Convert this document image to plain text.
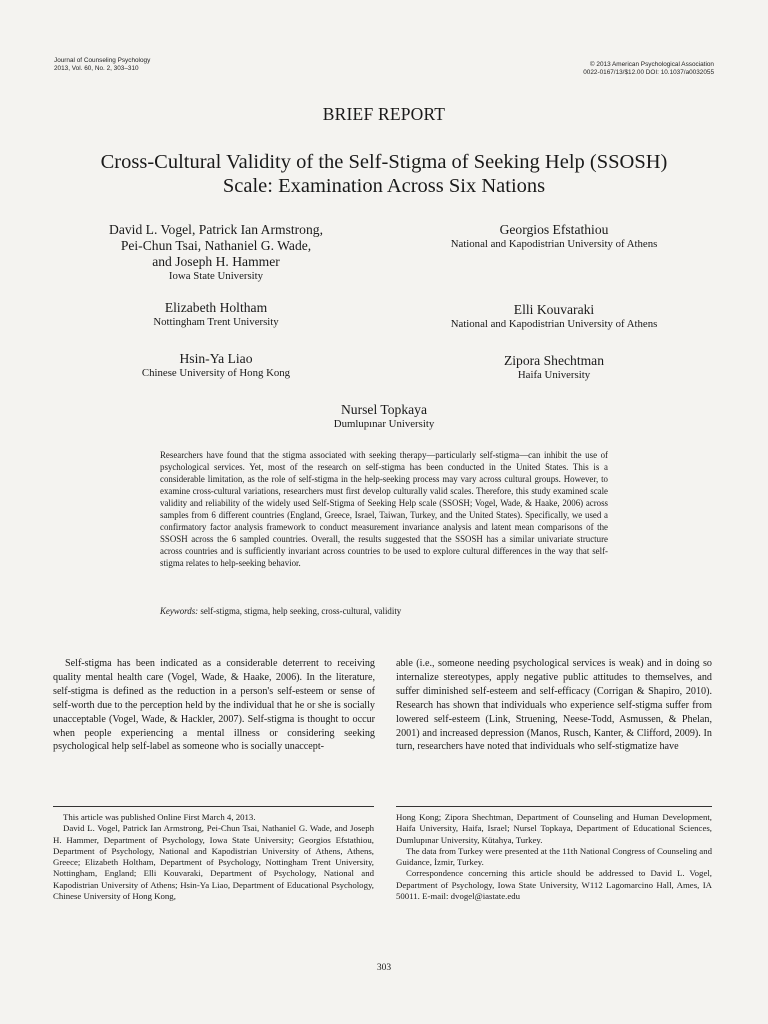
Journal of Counseling Psychology
2013, Vol. 60, No. 2, 303–310
© 2013 American Psychological Association
0022-0167/13/$12.00 DOI: 10.1037/a0032055
BRIEF REPORT
Cross-Cultural Validity of the Self-Stigma of Seeking Help (SSOSH)
Scale: Examination Across Six Nations
David L. Vogel, Patrick Ian Armstrong,
Pei-Chun Tsai, Nathaniel G. Wade,
and Joseph H. Hammer
Iowa State University
Georgios Efstathiou
National and Kapodistrian University of Athens
Elizabeth Holtham
Nottingham Trent University
Elli Kouvaraki
National and Kapodistrian University of Athens
Hsin-Ya Liao
Chinese University of Hong Kong
Zipora Shechtman
Haifa University
Nursel Topkaya
Dumlupınar University
Researchers have found that the stigma associated with seeking therapy—particularly self-stigma—can inhibit the use of psychological services. Yet, most of the research on self-stigma has been conducted in the United States. This is a considerable limitation, as the role of self-stigma in the help-seeking process may vary across cultural groups. However, to examine cross-cultural variations, researchers must first develop culturally valid scales. Therefore, this study examined scale validity and reliability of the widely used Self-Stigma of Seeking Help scale (SSOSH; Vogel, Wade, & Haake, 2006) across samples from 6 different countries (England, Greece, Israel, Taiwan, Turkey, and the United States). Specifically, we used a confirmatory factor analysis framework to conduct measurement invariance analysis and latent mean comparisons of the SSOSH across the 6 sampled countries. Overall, the results suggested that the SSOSH has a similar univariate structure across countries and is sufficiently invariant across countries to be used to explore cultural differences in the way that self-stigma relates to help-seeking behavior.
Keywords: self-stigma, stigma, help seeking, cross-cultural, validity
Self-stigma has been indicated as a considerable deterrent to receiving quality mental health care (Vogel, Wade, & Haake, 2006). In the literature, self-stigma is defined as the reduction in a person's self-esteem or sense of self-worth due to the perception held by the individual that he or she is socially unacceptable (Vogel, Wade, & Hackler, 2007). Self-stigma is thought to occur when people experiencing a mental illness or considering seeking psychological help self-label as someone who is socially unaccept-
able (i.e., someone needing psychological services is weak) and in doing so internalize stereotypes, apply negative public attitudes to themselves, and suffer diminished self-esteem and self-efficacy (Corrigan & Shapiro, 2010). Research has shown that individuals who experience self-stigma suffer from lowered self-esteem (Link, Struening, Neese-Todd, Asmussen, & Phelan, 2001) and increased depression (Manos, Rusch, Kanter, & Clifford, 2009). In turn, researchers have noted that individuals who self-stigmatize have

This article was published Online First March 4, 2013.

David L. Vogel, Patrick Ian Armstrong, Pei-Chun Tsai, Nathaniel G. Wade, and Joseph H. Hammer, Department of Psychology, Iowa State University; Georgios Efstathiou, Department of Psychology, National and Kapodistrian University of Athens, Athens, Greece; Elizabeth Holtham, Department of Psychology, Nottingham Trent University, Nottingham, England; Elli Kouvaraki, Department of Psychology, National and Kapodistrian University of Athens; Hsin-Ya Liao, Department of Educational Psychology, Chinese University of Hong Kong,

Hong Kong; Zipora Shechtman, Department of Counseling and Human Development, Haifa University, Haifa, Israel; Nursel Topkaya, Department of Educational Sciences, Dumlupınar University, Kütahya, Turkey.

The data from Turkey were presented at the 11th National Congress of Counseling and Guidance, İzmir, Turkey.

Correspondence concerning this article should be addressed to David L. Vogel, Department of Psychology, Iowa State University, W112 Lagomarcino Hall, Ames, IA 50011. E-mail: dvogel@iastate.edu

303
